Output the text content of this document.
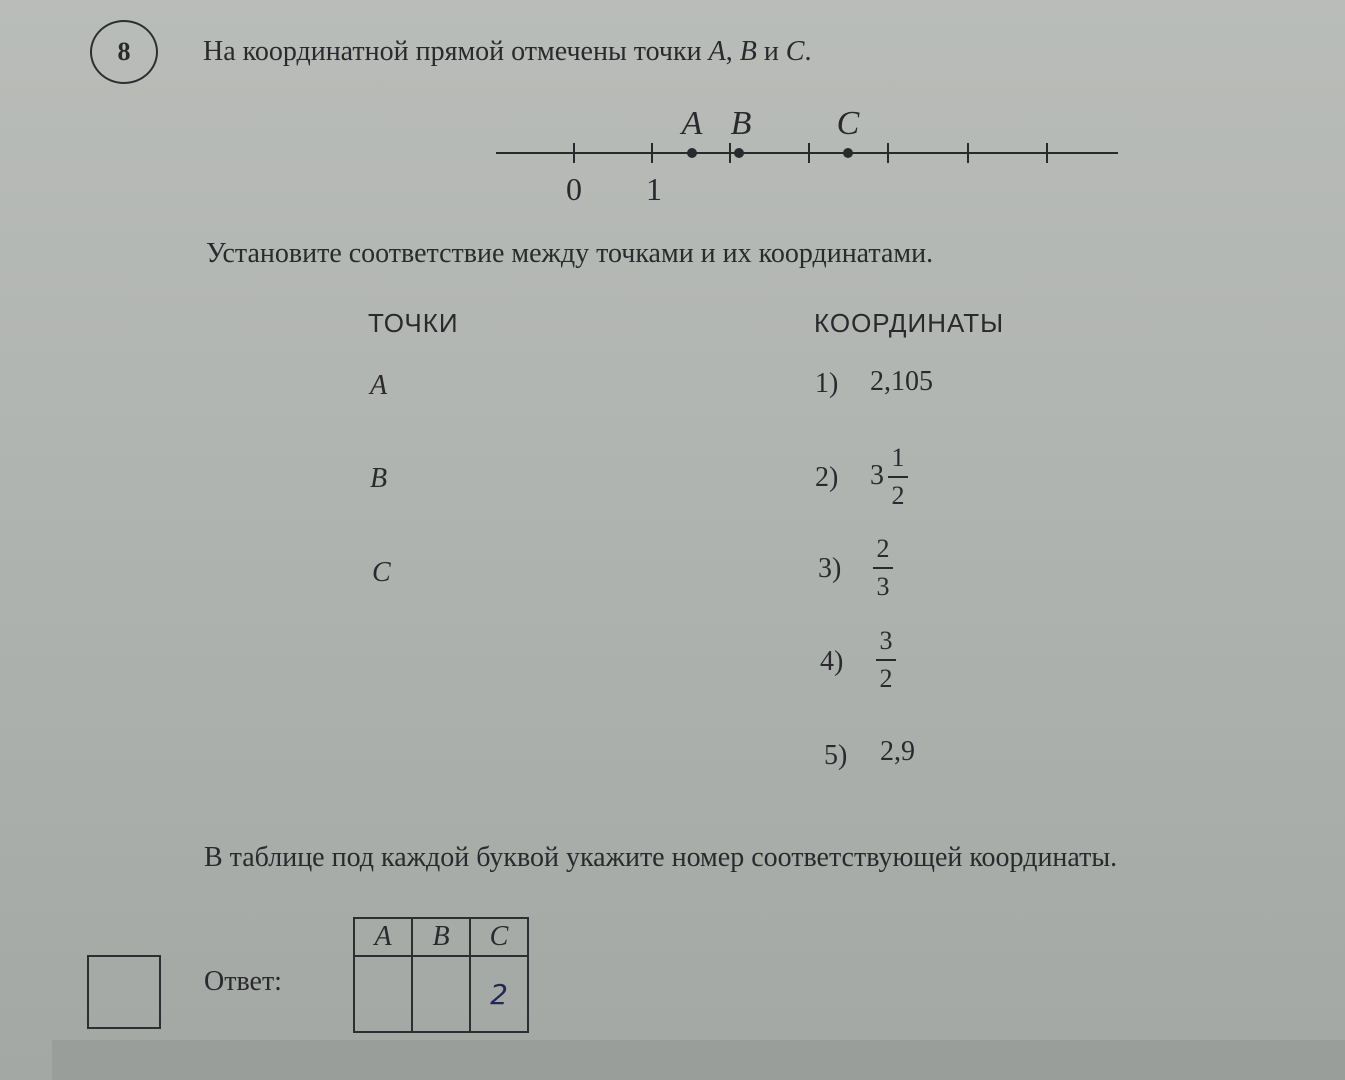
8	На координатной прямой отмечены точки A, B и C.
A B	C
0 1
Установите соответствие между точками и их координатами.
ТОЧКИ	КООРДИНАТЫ
A
B
C
1) 2,105
2) 3
1
2
3)
2
3
4)
3
2
5) 2,9
В таблице под каждой буквой укажите номер соответствующей координаты.
Ответ:
A	B	C
		2
